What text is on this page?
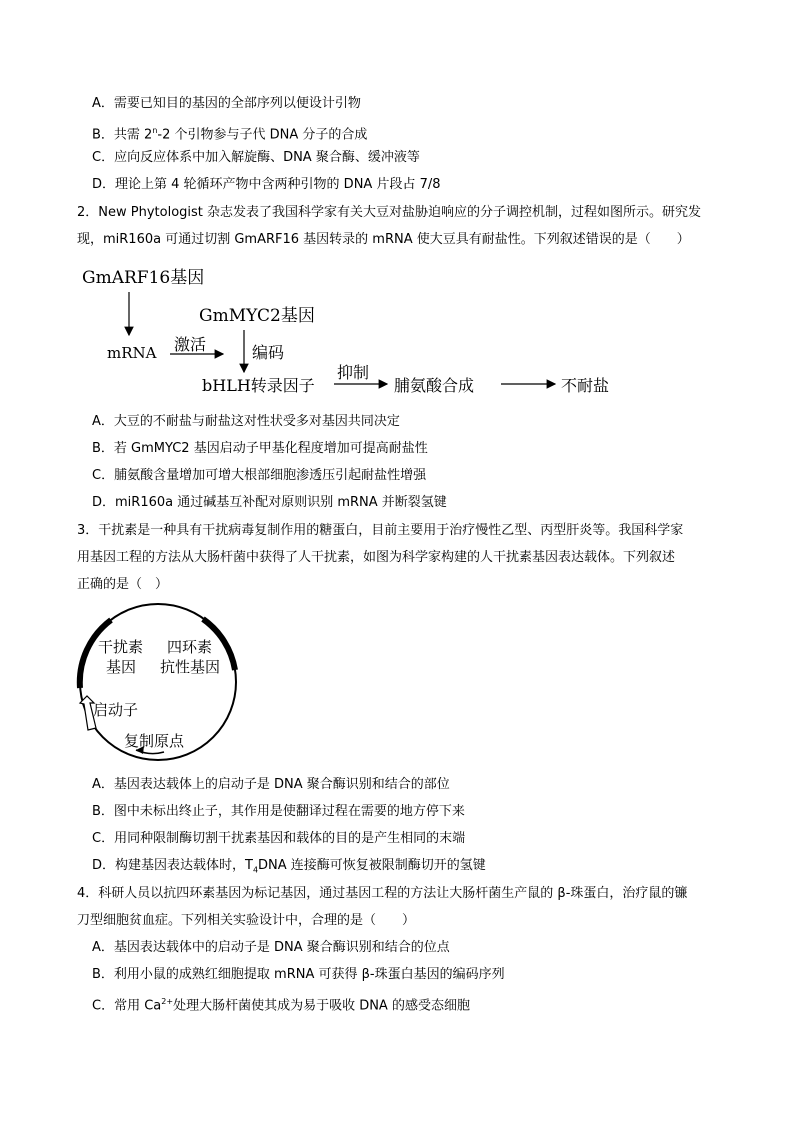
A．需要已知目的基因的全部序列以便设计引物
B．共需 2$^n$-2 个引物参与子代 DNA 分子的合成
C．应向反应体系中加入解旋酶、DNA 聚合酶、缓冲液等
D．理论上第 4 轮循环产物中含两种引物的 DNA 片段占 7/8
2．New Phytologist 杂志发表了我国科学家有关大豆对盐胁迫响应的分子调控机制，过程如图所示。研究发
现，miR160a 可通过切割 GmARF16 基因转录的 mRNA 使大豆具有耐盐性。下列叙述错误的是（　　）
GmARF16基因
mRNA 激活
GmMYC2基因
编码
bHLH转录因子
抑制
脯氨酸合成	不耐盐
A．大豆的不耐盐与耐盐这对性状受多对基因共同决定
B．若 GmMYC2 基因启动子甲基化程度增加可提高耐盐性
C．脯氨酸含量增加可增大根部细胞渗透压引起耐盐性增强
D．miR160a 通过碱基互补配对原则识别 mRNA 并断裂氢键
3．干扰素是一种具有干扰病毒复制作用的糖蛋白，目前主要用于治疗慢性乙型、丙型肝炎等。我国科学家
用基因工程的方法从大肠杆菌中获得了人干扰素，如图为科学家构建的人干扰素基因表达载体。下列叙述
正确的是（　）
干扰素
基因
四环素
抗性基因
启动子
复制原点
A．基因表达载体上的启动子是 DNA 聚合酶识别和结合的部位
B．图中未标出终止子，其作用是使翻译过程在需要的地方停下来
C．用同种限制酶切割干扰素基因和载体的目的是产生相同的末端
D．构建基因表达载体时，$T_4DNA$ 连接酶可恢复被限制酶切开的氢键
4．科研人员以抗四环素基因为标记基因，通过基因工程的方法让大肠杆菌生产鼠的 β-珠蛋白，治疗鼠的镰
刀型细胞贫血症。下列相关实验设计中，合理的是（　　）
A．基因表达载体中的启动子是 DNA 聚合酶识别和结合的位点
B．利用小鼠的成熟红细胞提取 mRNA 可获得 β-珠蛋白基因的编码序列
C．常用 $Ca^{2+}$处理大肠杆菌使其成为易于吸收 DNA 的感受态细胞
